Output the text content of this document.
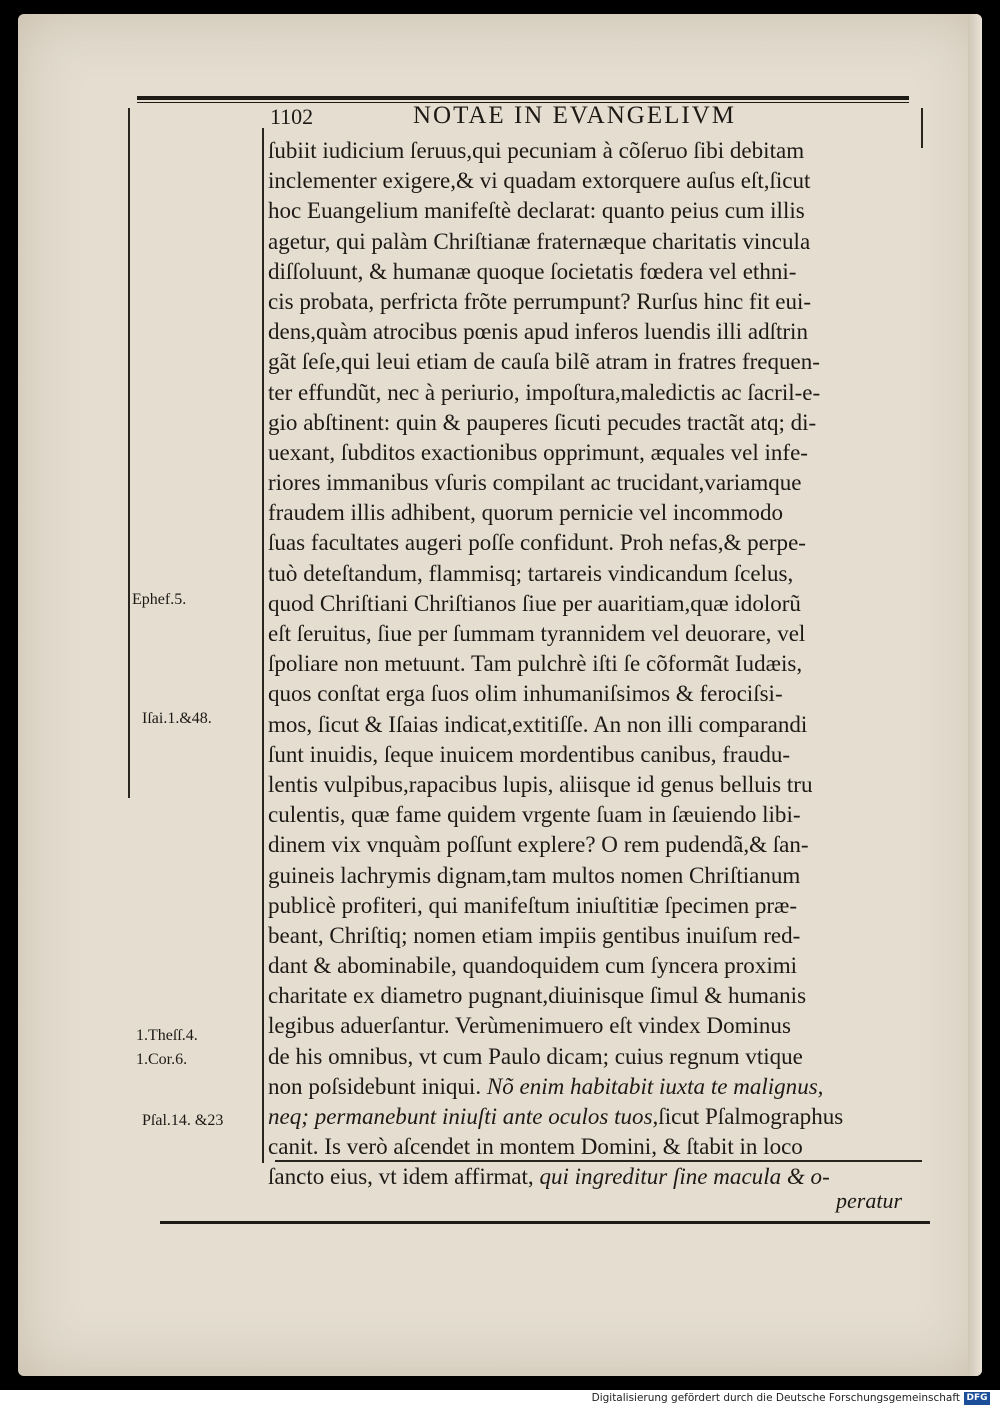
1102	NOTAE IN EVANGELIVM
ſubiit iudicium ſeruus,qui pecuniam à cõſeruo ſibi debitam
inclementer exigere,& vi quadam extorquere auſus eſt,ſicut
hoc Euangelium manifeſtè declarat: quanto peius cum illis
agetur, qui palàm Chriſtianæ fraternæque charitatis vincula
diſſoluunt, & humanæ quoque ſocietatis fœdera vel ethni-
cis probata, perfricta frõte perrumpunt? Rurſus hinc fit eui-
dens,quàm atrocibus pœnis apud inferos luendis illi adſtrin
gãt ſeſe,qui leui etiam de cauſa bilẽ atram in fratres frequen-
ter effundũt, nec à periurio, impoſtura,maledictis ac ſacril-e-
gio abſtinent: quin & pauperes ſicuti pecudes tractãt atq; di-
uexant, ſubditos exactionibus opprimunt, æquales vel infe-
riores immanibus vſuris compilant ac trucidant,variamque
fraudem illis adhibent, quorum pernicie vel incommodo
ſuas facultates augeri poſſe confidunt. Proh nefas,& perpe-
tuò deteſtandum, flammisq; tartareis vindicandum ſcelus,
quod Chriſtiani Chriſtianos ſiue per auaritiam,quæ idolorũ
eſt ſeruitus, ſiue per ſummam tyrannidem vel deuorare, vel
ſpoliare non metuunt. Tam pulchrè iſti ſe cõformãt Iudæis,
quos conſtat erga ſuos olim inhumaniſsimos & ferociſsi-
mos, ſicut & Iſaias indicat,extitiſſe. An non illi comparandi
ſunt inuidis, ſeque inuicem mordentibus canibus, fraudu-
lentis vulpibus,rapacibus lupis, aliisque id genus belluis tru
culentis, quæ fame quidem vrgente ſuam in ſæuiendo libi-
dinem vix vnquàm poſſunt explere? O rem pudendã,& ſan-
guineis lachrymis dignam,tam multos nomen Chriſtianum
publicè profiteri, qui manifeſtum iniuſtitiæ ſpecimen præ-
beant, Chriſtiq; nomen etiam impiis gentibus inuiſum red-
dant & abominabile, quandoquidem cum ſyncera proximi
charitate ex diametro pugnant,diuinisque ſimul & humanis
legibus aduerſantur. Verùmenimuero eſt vindex Dominus
de his omnibus, vt cum Paulo dicam; cuius regnum vtique
non poſsidebunt iniqui. Nõ enim habitabit iuxta te malignus,
neq; permanebunt iniuſti ante oculos tuos,ſicut Pſalmographus
canit. Is verò aſcendet in montem Domini, & ſtabit in loco
ſancto eius, vt idem affirmat, qui ingreditur ſine macula & o-
Ephef.5.
Iſai.1.&48.
1.Theſſ.4.
1.Cor.6.
Pſal.14. &23
peratur
Digitalisierung gefördert durch die Deutsche Forschungsgemeinschaft DFG
